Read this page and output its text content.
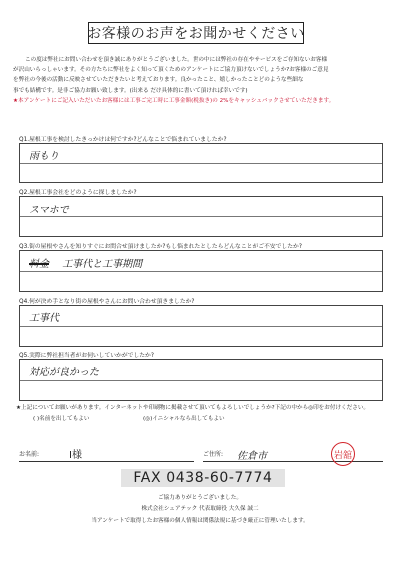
お客様のお声をお聞かせください

この度は弊社にお問い合わせを頂き誠にありがとうございました。世の中には弊社の存在やサービスをご存知ないお客様

が沢山いらっしゃいます。その方たちに弊社をよく知って頂くためのアンケートにご協力頂けないでしょうか?お客様のご意見

を弊社の今後の活動に反映させていただきたいと考えております。良かったこと、嬉しかったことどのような些細な

事でも結構です。是非ご協力お願い致します。(出来る だけ具体的に書いて頂ければ幸いです)

★本アンケートにご記入いただいたお客様には工事ご完工時に工事金額(税抜き)の 2%をキャッシュバックさせていただきます。

Q1.屋根工事を検討したきっかけは何ですか?どんなことで悩まれていましたか?
雨もり
Q2.屋根工事会社をどのように探しましたか?
スマホで
Q3.街の屋根やさんを知りすぐにお問合せ頂けましたか?もし悩まれたとしたらどんなことがご不安でしたか?
料金 工事代と工事期間
Q4.何が決め手となり街の屋根やさんにお問い合わせ頂きましたか?
工事代
Q5.実際に弊社担当者がお伺いしていかがでしたか?
対応が良かった
★上記についてお願いがあります。インターネットや印刷物に掲載させて頂いてもよろしいでしょうか?下記の中から◎印をお付けください。
( )名前を出してもよい	(◎)イニシャルなら出してもよい
お名前:	I様	ご住所: 佐倉市	岩舘
FAX 0438-60-7774
ご協力ありがとうございました。
株式会社シェアテック 代表取締役 大久保 誠二
当アンケートで取得したお客様の個人情報は関係法規に基づき厳正に管理いたします。
